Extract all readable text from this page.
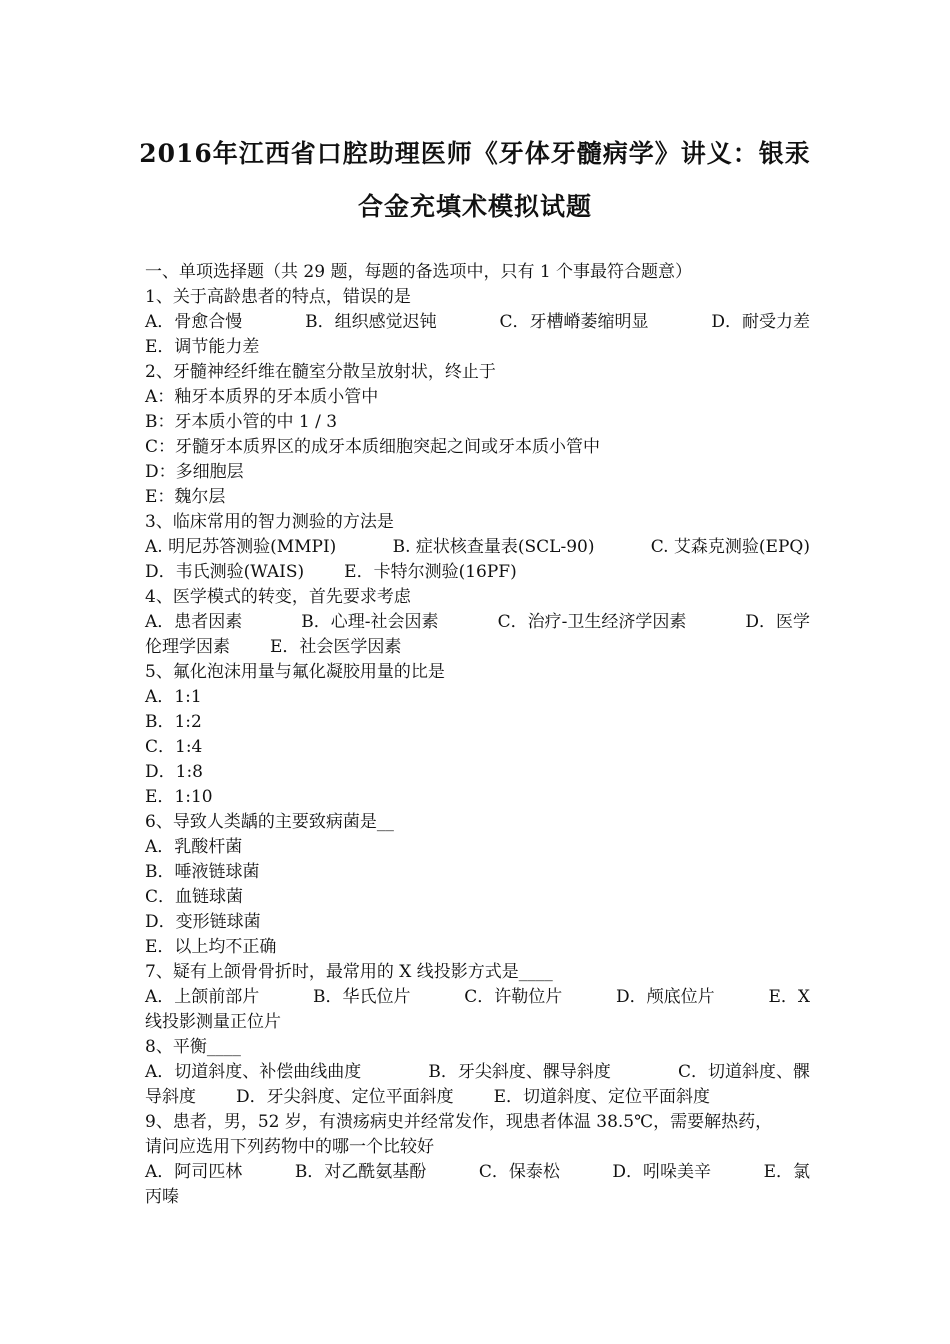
2016年江西省口腔助理医师《牙体牙髓病学》讲义：银汞
合金充填术模拟试题
一、单项选择题（共 29 题，每题的备选项中，只有 1 个事最符合题意）
1、关于高龄患者的特点，错误的是
A．骨愈合慢	B．组织感觉迟钝	C．牙槽嵴萎缩明显	D．耐受力差
E．调节能力差
2、牙髓神经纤维在髓室分散呈放射状，终止于
A：釉牙本质界的牙本质小管中
B：牙本质小管的中 1 / 3
C：牙髓牙本质界区的成牙本质细胞突起之间或牙本质小管中
D：多细胞层
E：魏尔层
3、临床常用的智力测验的方法是
A. 明尼苏答测验(MMPI)	B. 症状核查量表(SCL-90)	C. 艾森克测验(EPQ)
D．韦氏测验(WAIS) E．卡特尔测验(16PF)
4、医学模式的转变，首先要求考虑
A．患者因素	B．心理-社会因素	C．治疗-卫生经济学因素	D．医学
伦理学因素 E．社会医学因素
5、氟化泡沫用量与氟化凝胶用量的比是
A．1:1
B．1:2
C．1:4
D．1:8
E．1:10
6、导致人类龋的主要致病菌是__
A．乳酸杆菌
B．唾液链球菌
C．血链球菌
D．变形链球菌
E．以上均不正确
7、疑有上颌骨骨折时，最常用的 X 线投影方式是____
A．上颌前部片	B．华氏位片	C．许勒位片	D．颅底位片	E．X
线投影测量正位片
8、平衡____
A．切道斜度、补偿曲线曲度	B．牙尖斜度、髁导斜度	C．切道斜度、髁
导斜度 D．牙尖斜度、定位平面斜度 E．切道斜度、定位平面斜度
9、患者，男，52 岁，有溃疡病史并经常发作，现患者体温 38.5℃，需要解热药，
请问应选用下列药物中的哪一个比较好
A．阿司匹林	B．对乙酰氨基酚	C．保泰松	D．吲哚美辛	E．氯
丙嗪
